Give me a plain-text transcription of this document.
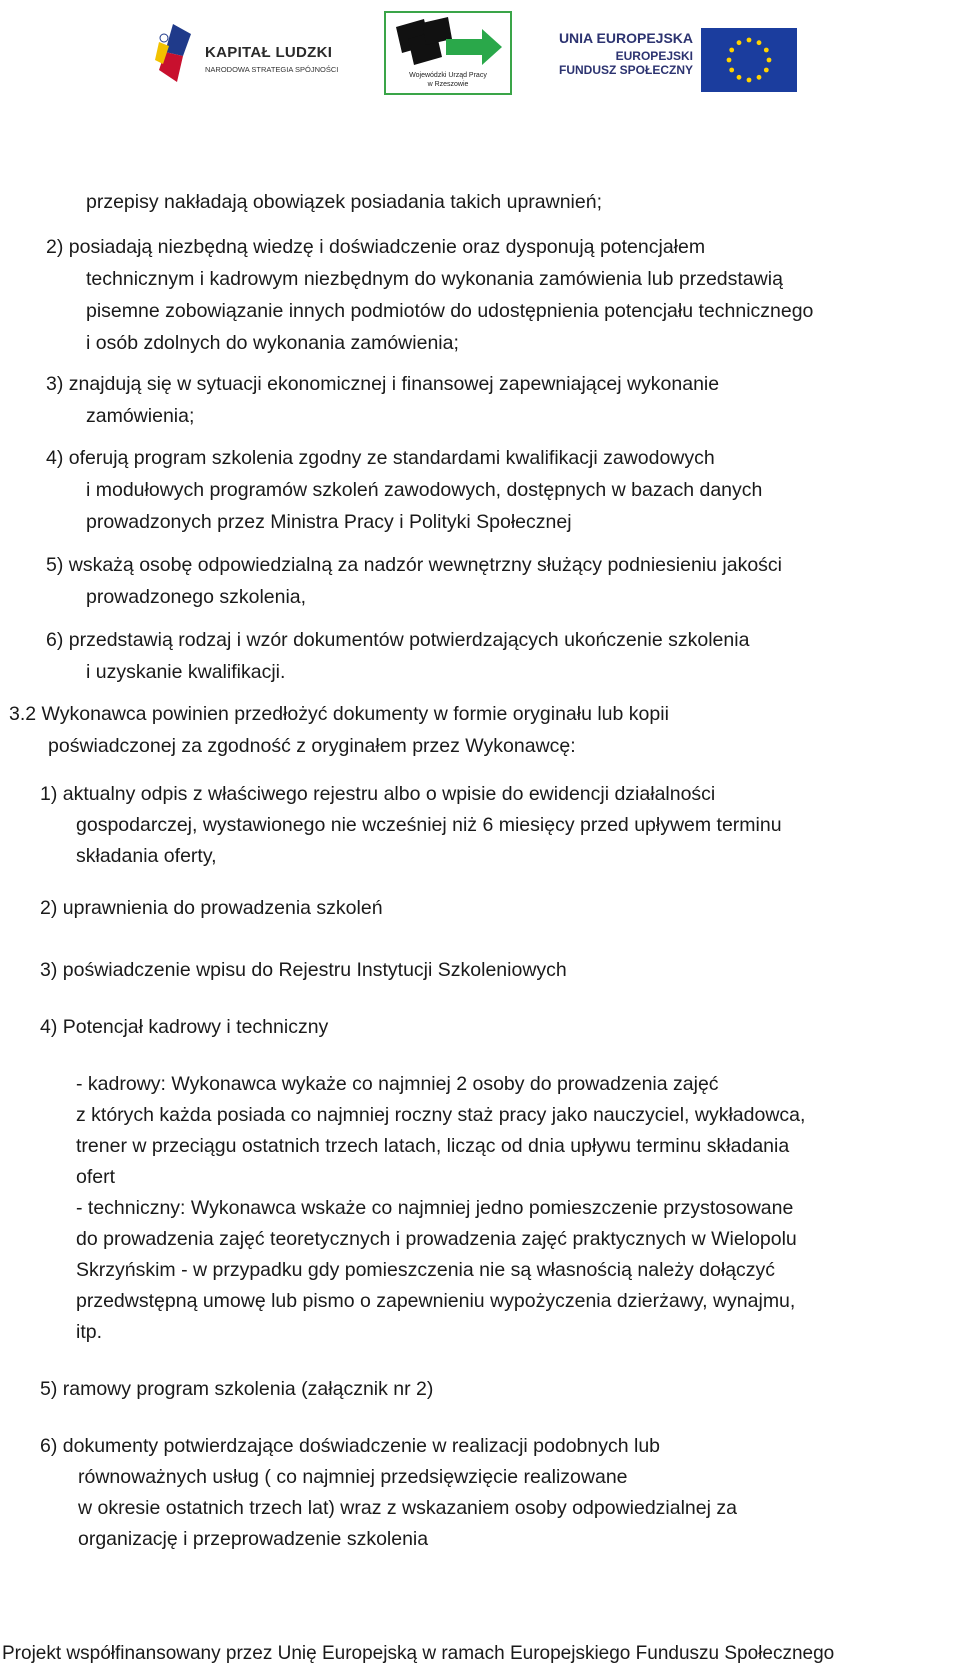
KAPITAŁ LUDZKI
NARODOWA STRATEGIA SPÓJNOŚCI
Wojewódzki Urząd Pracy
w Rzeszowie
UNIA EUROPEJSKA
EUROPEJSKI
FUNDUSZ SPOŁECZNY
przepisy nakładają obowiązek posiadania takich uprawnień;
2) posiadają niezbędną wiedzę i doświadczenie oraz dysponują potencjałem
technicznym i kadrowym niezbędnym do wykonania zamówienia lub przedstawią
pisemne zobowiązanie innych podmiotów do udostępnienia potencjału technicznego
i osób zdolnych do wykonania zamówienia;
3) znajdują się w sytuacji ekonomicznej i finansowej zapewniającej wykonanie
zamówienia;
4) oferują program szkolenia zgodny ze standardami kwalifikacji zawodowych
i modułowych programów szkoleń zawodowych, dostępnych w bazach danych
prowadzonych przez Ministra Pracy i Polityki Społecznej
5) wskażą osobę odpowiedzialną za nadzór wewnętrzny służący podniesieniu jakości
prowadzonego szkolenia,
6) przedstawią rodzaj i wzór dokumentów potwierdzających ukończenie szkolenia
i uzyskanie kwalifikacji.
3.2 Wykonawca powinien przedłożyć dokumenty w formie oryginału lub kopii
poświadczonej za zgodność z oryginałem przez Wykonawcę:
1) aktualny odpis z właściwego rejestru albo o wpisie do ewidencji działalności
gospodarczej, wystawionego nie wcześniej niż 6 miesięcy przed upływem terminu
składania oferty,
2) uprawnienia do prowadzenia szkoleń
3) poświadczenie wpisu do Rejestru Instytucji Szkoleniowych
4) Potencjał kadrowy i techniczny
- kadrowy: Wykonawca wykaże co najmniej 2 osoby do prowadzenia zajęć
z których każda posiada co najmniej roczny staż pracy jako nauczyciel, wykładowca,
trener w przeciągu ostatnich trzech latach, licząc od dnia upływu terminu składania
ofert
- techniczny: Wykonawca wskaże co najmniej jedno pomieszczenie przystosowane
do prowadzenia zajęć teoretycznych i prowadzenia zajęć praktycznych w Wielopolu
Skrzyńskim - w przypadku gdy pomieszczenia nie są własnością należy dołączyć
przedwstępną umowę lub pismo o zapewnieniu wypożyczenia dzierżawy, wynajmu,
itp.
5) ramowy program szkolenia (załącznik nr 2)
6) dokumenty potwierdzające doświadczenie w realizacji podobnych lub
równoważnych usług ( co najmniej przedsięwzięcie realizowane
w okresie ostatnich trzech lat) wraz z wskazaniem osoby odpowiedzialnej za
organizację i przeprowadzenie szkolenia
Projekt współfinansowany przez Unię Europejską w ramach Europejskiego Funduszu Społecznego
